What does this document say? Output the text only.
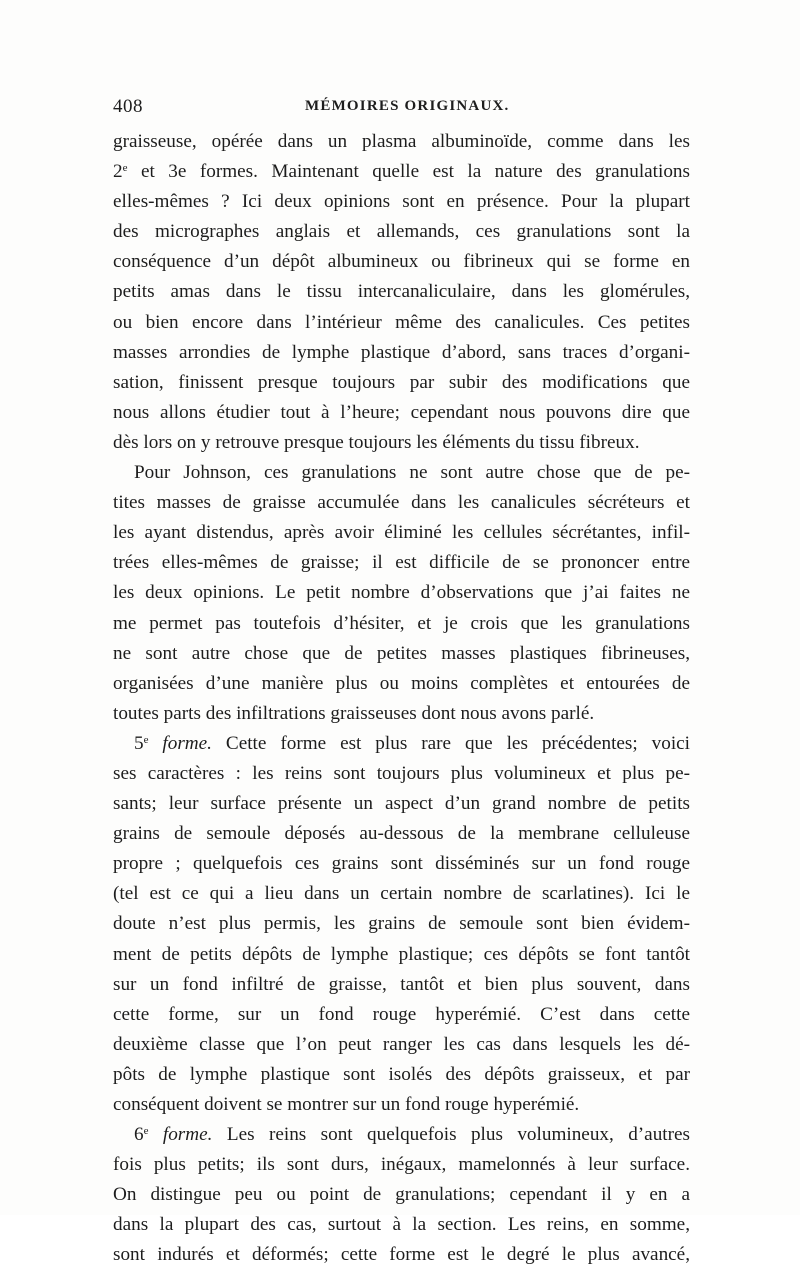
408	MÉMOIRES ORIGINAUX.
graisseuse, opérée dans un plasma albuminoïde, comme dans les
2e et 3e formes. Maintenant quelle est la nature des granulations
elles-mêmes ? Ici deux opinions sont en présence. Pour la plupart
des micrographes anglais et allemands, ces granulations sont la
conséquence d’un dépôt albumineux ou fibrineux qui se forme en
petits amas dans le tissu intercanaliculaire, dans les glomérules,
ou bien encore dans l’intérieur même des canalicules. Ces petites
masses arrondies de lymphe plastique d’abord, sans traces d’organi-
sation, finissent presque toujours par subir des modifications que
nous allons étudier tout à l’heure; cependant nous pouvons dire que
dès lors on y retrouve presque toujours les éléments du tissu fibreux.
Pour Johnson, ces granulations ne sont autre chose que de pe-
tites masses de graisse accumulée dans les canalicules sécréteurs et
les ayant distendus, après avoir éliminé les cellules sécrétantes, infil-
trées elles-mêmes de graisse; il est difficile de se prononcer entre
les deux opinions. Le petit nombre d’observations que j’ai faites ne
me permet pas toutefois d’hésiter, et je crois que les granulations
ne sont autre chose que de petites masses plastiques fibrineuses,
organisées d’une manière plus ou moins complètes et entourées de
toutes parts des infiltrations graisseuses dont nous avons parlé.
5e forme. Cette forme est plus rare que les précédentes; voici
ses caractères : les reins sont toujours plus volumineux et plus pe-
sants; leur surface présente un aspect d’un grand nombre de petits
grains de semoule déposés au-dessous de la membrane celluleuse
propre ; quelquefois ces grains sont disséminés sur un fond rouge
(tel est ce qui a lieu dans un certain nombre de scarlatines). Ici le
doute n’est plus permis, les grains de semoule sont bien évidem-
ment de petits dépôts de lymphe plastique; ces dépôts se font tantôt
sur un fond infiltré de graisse, tantôt et bien plus souvent, dans
cette forme, sur un fond rouge hyperémié. C’est dans cette
deuxième classe que l’on peut ranger les cas dans lesquels les dé-
pôts de lymphe plastique sont isolés des dépôts graisseux, et par
conséquent doivent se montrer sur un fond rouge hyperémié.
6e forme. Les reins sont quelquefois plus volumineux, d’autres
fois plus petits; ils sont durs, inégaux, mamelonnés à leur surface.
On distingue peu ou point de granulations; cependant il y en a
dans la plupart des cas, surtout à la section. Les reins, en somme,
sont indurés et déformés; cette forme est le degré le plus avancé,
